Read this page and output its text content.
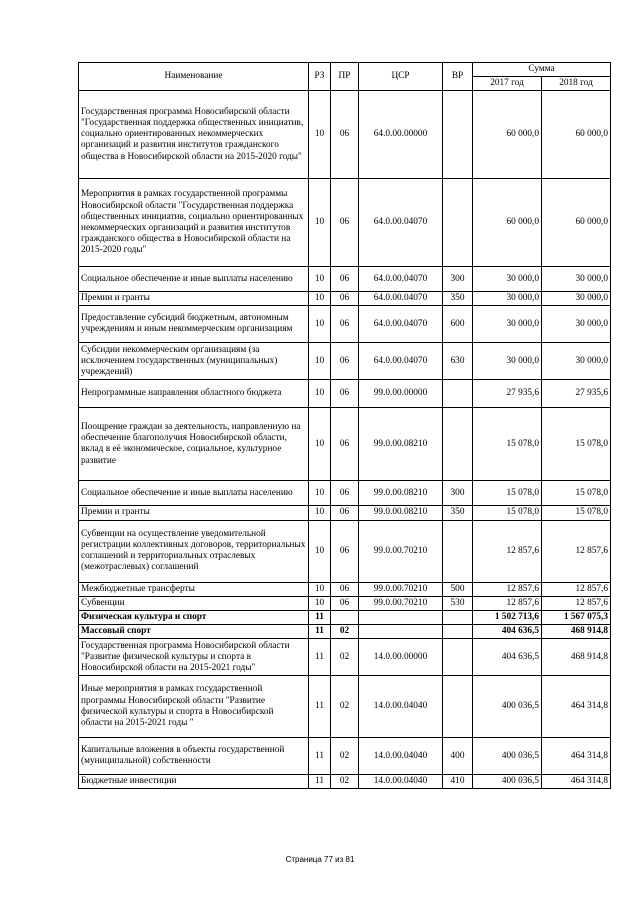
Наименование	РЗ	ПР	ЦСР	ВР	Сумма	
					2017 год	2018 год
Государственная программа Новосибирской области "Государственная поддержка общественных инициатив, социально ориентированных некоммерческих организаций и развития институтов гражданского общества в Новосибирской области на 2015-2020 годы"	10	06	64.0.00.00000		60 000,0	60 000,0
Мероприятия в рамках государственной программы Новосибирской области "Государственная поддержка общественных инициатив, социально ориентированных некоммерческих организаций и развития институтов гражданского общества в Новосибирской области на 2015-2020 годы"	10	06	64.0.00.04070		60 000,0	60 000,0
Социальное обеспечение и иные выплаты населению	10	06	64.0.00.04070	300	30 000,0	30 000,0
Премии и гранты	10	06	64.0.00.04070	350	30 000,0	30 000,0
Предоставление субсидий бюджетным, автономным учреждениям и иным некоммерческим организациям	10	06	64.0.00.04070	600	30 000,0	30 000,0
Субсидии некоммерческим организациям (за исключением государственных (муниципальных) учреждений)	10	06	64.0.00.04070	630	30 000,0	30 000,0
Непрограммные направления областного бюджета	10	06	99.0.00.00000		27 935,6	27 935,6
Поощрение граждан за деятельность, направленную на обеспечение благополучия Новосибирской области, вклад в её экономическое, социальное, культурное развитие	10	06	99.0.00.08210		15 078,0	15 078,0
Социальное обеспечение и иные выплаты населению	10	06	99.0.00.08210	300	15 078,0	15 078,0
Премии и гранты	10	06	99.0.00.08210	350	15 078,0	15 078,0
Субвенции на осуществление уведомительной регистрации коллективных договоров, территориальных соглашений и территориальных отраслевых (межотраслевых) соглашений	10	06	99.0.00.70210		12 857,6	12 857,6
Межбюджетные трансферты	10	06	99.0.00.70210	500	12 857,6	12 857,6
Субвенции	10	06	99.0.00.70210	530	12 857,6	12 857,6
Физическая культура и спорт	11				1 502 713,6	1 567 075,3
Массовый спорт	11	02			404 636,5	468 914,8
Государственная программа Новосибирской области "Развитие физической культуры и спорта в Новосибирской области на 2015-2021 годы"	11	02	14.0.00.00000		404 636,5	468 914,8
Иные мероприятия в рамках государственной программы Новосибирской области "Развитие физической культуры и спорта в Новосибирской области на 2015-2021 годы "	11	02	14.0.00.04040		400 036,5	464 314,8
Капитальные вложения в объекты государственной (муниципальной) собственности	11	02	14.0.00.04040	400	400 036,5	464 314,8
Бюджетные инвестиции	11	02	14.0.00.04040	410	400 036,5	464 314,8
Страница 77 из 81
